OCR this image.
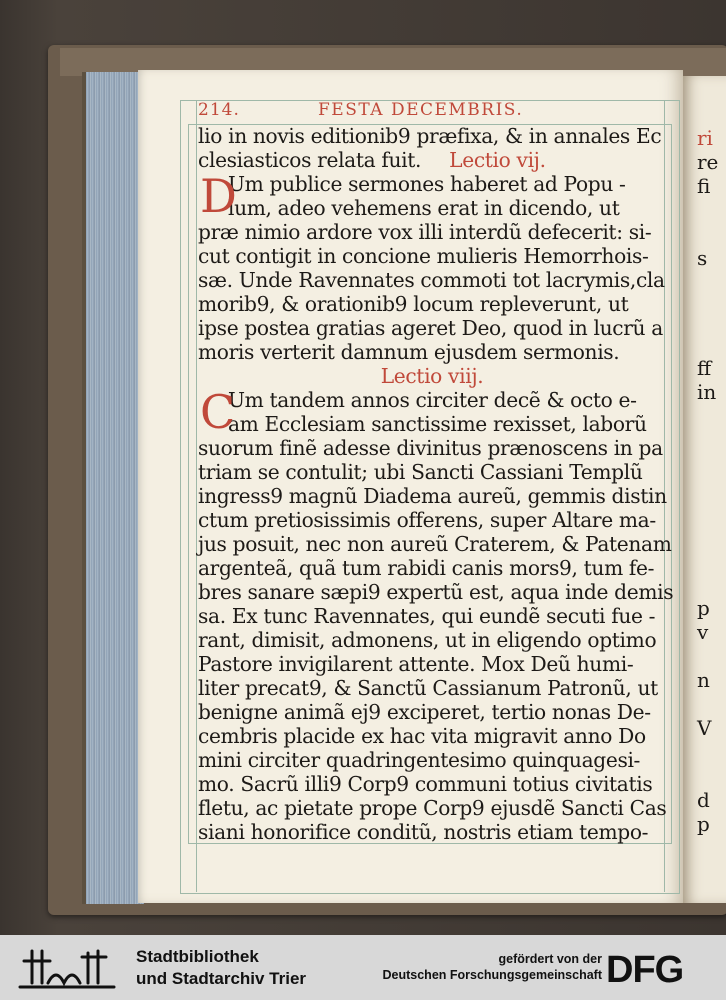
ri
re
fi
s
ff
in
p
v
n
V
d
p
214.	FESTA DECEMBRIS.
lio in novis editionib9 præfixa, & in annales Ec
clesiasticos relata fuit. Lectio vij.
D
Um publice sermones haberet ad Popu -
lum, adeo vehemens erat in dicendo, ut
præ nimio ardore vox illi interdũ defecerit: si-
cut contigit in concione mulieris Hemorrhois-
sæ. Unde Ravennates commoti tot lacrymis,cla
morib9, & orationib9 locum repleverunt, ut
ipse postea gratias ageret Deo, quod in lucrũ a
moris verterit damnum ejusdem sermonis.
Lectio viij.
C
Um tandem annos circiter decẽ & octo e-
am Ecclesiam sanctissime rexisset, laborũ
suorum finẽ adesse divinitus prænoscens in pa
triam se contulit; ubi Sancti Cassiani Templũ
ingress9 magnũ Diadema aureũ, gemmis distin
ctum pretiosissimis offerens, super Altare ma-
jus posuit, nec non aureũ Craterem, & Patenam
argenteã, quã tum rabidi canis mors9, tum fe-
bres sanare sæpi9 expertũ est, aqua inde demis
sa. Ex tunc Ravennates, qui eundẽ secuti fue -
rant, dimisit, admonens, ut in eligendo optimo
Pastore invigilarent attente. Mox Deũ humi-
liter precat9, & Sanctũ Cassianum Patronũ, ut
benigne animã ej9 exciperet, tertio nonas De-
cembris placide ex hac vita migravit anno Do
mini circiter quadringentesimo quinquagesi-
mo. Sacrũ illi9 Corp9 communi totius civitatis
fletu, ac pietate prope Corp9 ejusdẽ Sancti Cas
siani honorifice conditũ, nostris etiam tempo-
Stadtbibliothek
und Stadtarchiv Trier
gefördert von der
Deutschen Forschungsgemeinschaft DFG
